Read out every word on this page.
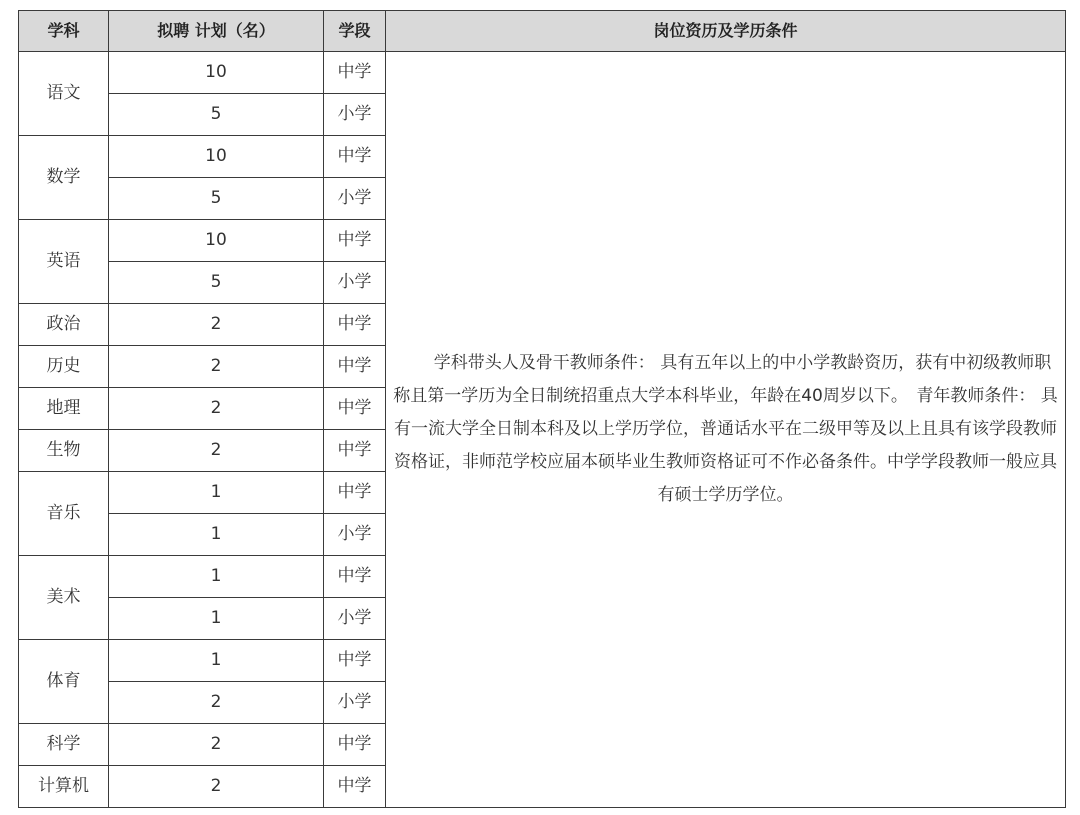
学科	拟聘 计划（名）	学段	岗位资历及学历条件
语文	10	中学	学科带头人及骨干教师条件： 具有五年以上的中小学教龄资历，获有中初级教师职称且第一学历为全日制统招重点大学本科毕业，年龄在40周岁以下。　青年教师条件： 具有一流大学全日制本科及以上学历学位，普通话水平在二级甲等及以上且具有该学段教师资格证，非师范学校应届本硕毕业生教师资格证可不作必备条件。中学学段教师一般应具有硕士学历学位。
	5	小学	
数学	10	中学	
	5	小学	
英语	10	中学	
	5	小学	
政治	2	中学	
历史	2	中学	
地理	2	中学	
生物	2	中学	
音乐	1	中学	
	1	小学	
美术	1	中学	
	1	小学	
体育	1	中学	
	2	小学	
科学	2	中学	
计算机	2	中学	
